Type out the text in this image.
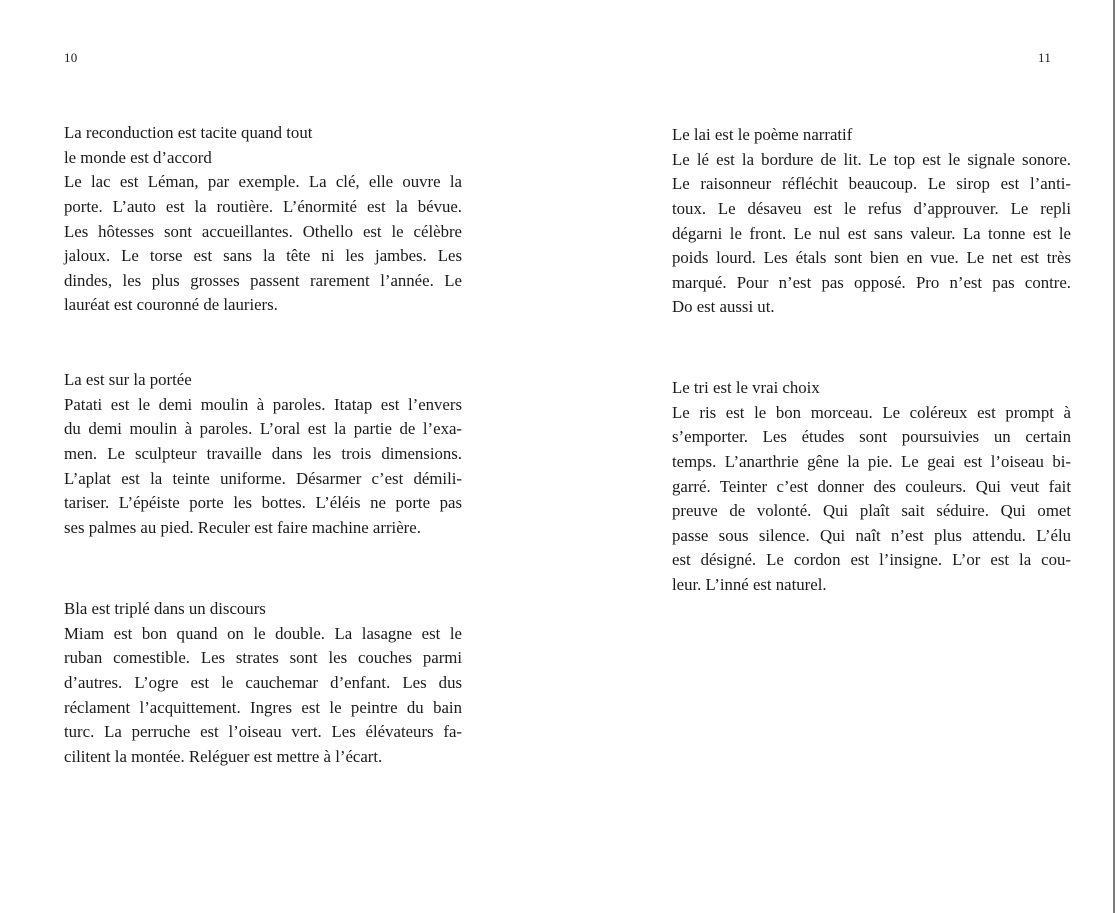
10
La reconduction est tacite quand tout
le monde est d’accord
Le lac est Léman, par exemple. La clé, elle ouvre la
porte. L’auto est la routière. L’énormité est la bévue.
Les hôtesses sont accueillantes. Othello est le célèbre
jaloux. Le torse est sans la tête ni les jambes. Les
dindes, les plus grosses passent rarement l’année. Le
lauréat est couronné de lauriers.
La est sur la portée
Patati est le demi moulin à paroles. Itatap est l’envers
du demi moulin à paroles. L’oral est la partie de l’exa-
men. Le sculpteur travaille dans les trois dimensions.
L’aplat est la teinte uniforme. Désarmer c’est démili-
tariser. L’épéiste porte les bottes. L’éléis ne porte pas
ses palmes au pied. Reculer est faire machine arrière.
Bla est triplé dans un discours
Miam est bon quand on le double. La lasagne est le
ruban comestible. Les strates sont les couches parmi
d’autres. L’ogre est le cauchemar d’enfant. Les dus
réclament l’acquittement. Ingres est le peintre du bain
turc. La perruche est l’oiseau vert. Les élévateurs fa-
cilitent la montée. Reléguer est mettre à l’écart.
11
Le lai est le poème narratif
Le lé est la bordure de lit. Le top est le signale sonore.
Le raisonneur réfléchit beaucoup. Le sirop est l’anti-
toux. Le désaveu est le refus d’approuver. Le repli
dégarni le front. Le nul est sans valeur. La tonne est le
poids lourd. Les étals sont bien en vue. Le net est très
marqué. Pour n’est pas opposé. Pro n’est pas contre.
Do est aussi ut.
Le tri est le vrai choix
Le ris est le bon morceau. Le coléreux est prompt à
s’emporter. Les études sont poursuivies un certain
temps. L’anarthrie gêne la pie. Le geai est l’oiseau bi-
garré. Teinter c’est donner des couleurs. Qui veut fait
preuve de volonté. Qui plaît sait séduire. Qui omet
passe sous silence. Qui naît n’est plus attendu. L’élu
est désigné. Le cordon est l’insigne. L’or est la cou-
leur. L’inné est naturel.
